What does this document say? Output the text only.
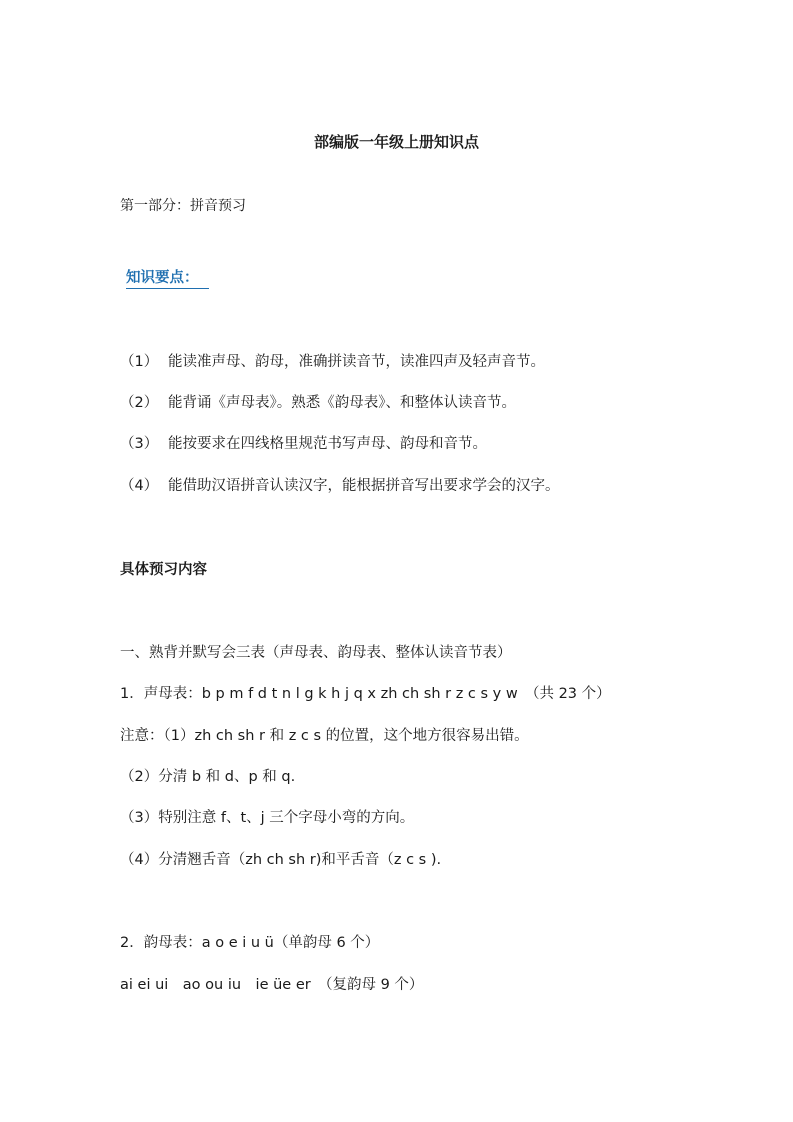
部编版一年级上册知识点
第一部分：拼音预习
知识要点：
（1） 能读准声母、韵母，准确拼读音节，读准四声及轻声音节。
（2） 能背诵《声母表》。熟悉《韵母表》、和整体认读音节。
（3） 能按要求在四线格里规范书写声母、韵母和音节。
（4） 能借助汉语拼音认读汉字，能根据拼音写出要求学会的汉字。
具体预习内容
一、熟背并默写会三表（声母表、韵母表、整体认读音节表）
1．声母表：b p m f d t n l g k h j q x zh ch sh r z c s y w　（共 23 个）
注意：（1）zh ch sh r 和 z c s 的位置，这个地方很容易出错。
（2）分清 b 和 d、p 和 q.
（3）特别注意 f、t、j 三个字母小弯的方向。
（4）分清翘舌音（zh ch sh r)和平舌音（z c s ).
2．韵母表：a o e i u ü（单韵母 6 个）
ai ei ui　ao ou iu　ie üe er　（复韵母 9 个）
